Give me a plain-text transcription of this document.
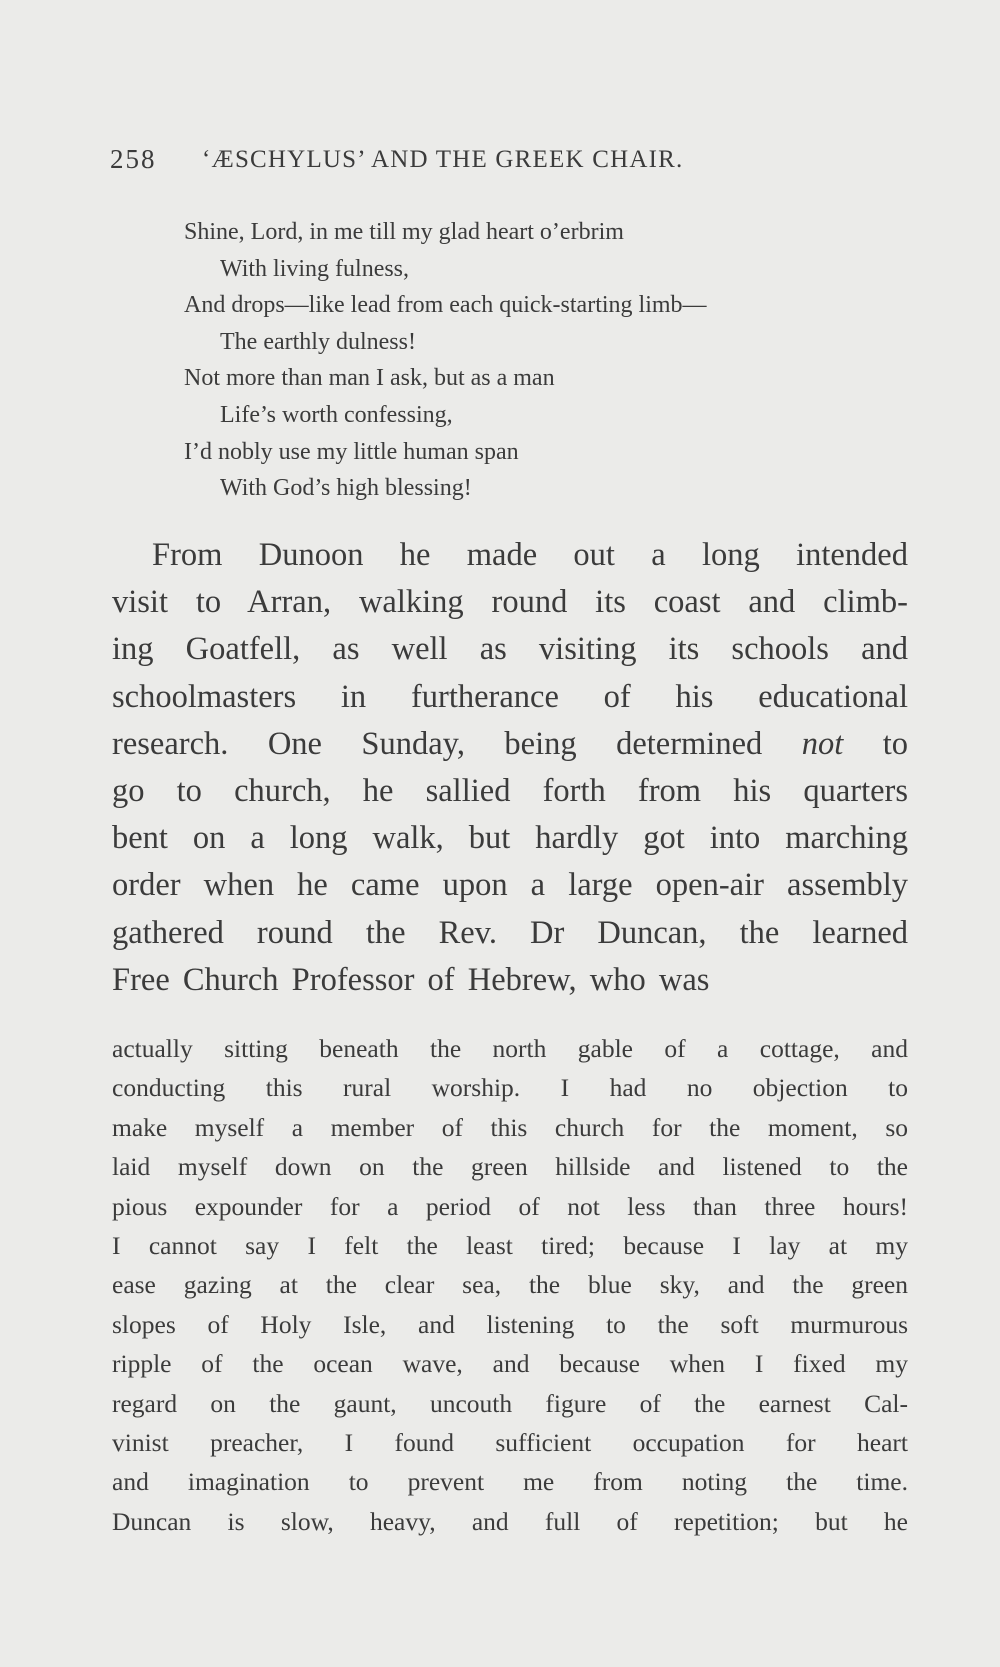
258 ‘ÆSCHYLUS’ AND THE GREEK CHAIR.
Shine, Lord, in me till my glad heart o’erbrim
With living fulness,
And drops—like lead from each quick-starting limb—
The earthly dulness!
Not more than man I ask, but as a man
Life’s worth confessing,
I’d nobly use my little human span
With God’s high blessing!
From Dunoon he made out a long intended
visit to Arran, walking round its coast and climb-
ing Goatfell, as well as visiting its schools and
schoolmasters in furtherance of his educational
research. One Sunday, being determined not to
go to church, he sallied forth from his quarters
bent on a long walk, but hardly got into marching
order when he came upon a large open-air assembly
gathered round the Rev. Dr Duncan, the learned
Free Church Professor of Hebrew, who was
actually sitting beneath the north gable of a cottage, and
conducting this rural worship. I had no objection to
make myself a member of this church for the moment, so
laid myself down on the green hillside and listened to the
pious expounder for a period of not less than three hours!
I cannot say I felt the least tired; because I lay at my
ease gazing at the clear sea, the blue sky, and the green
slopes of Holy Isle, and listening to the soft murmurous
ripple of the ocean wave, and because when I fixed my
regard on the gaunt, uncouth figure of the earnest Cal-
vinist preacher, I found sufficient occupation for heart
and imagination to prevent me from noting the time.
Duncan is slow, heavy, and full of repetition; but he
